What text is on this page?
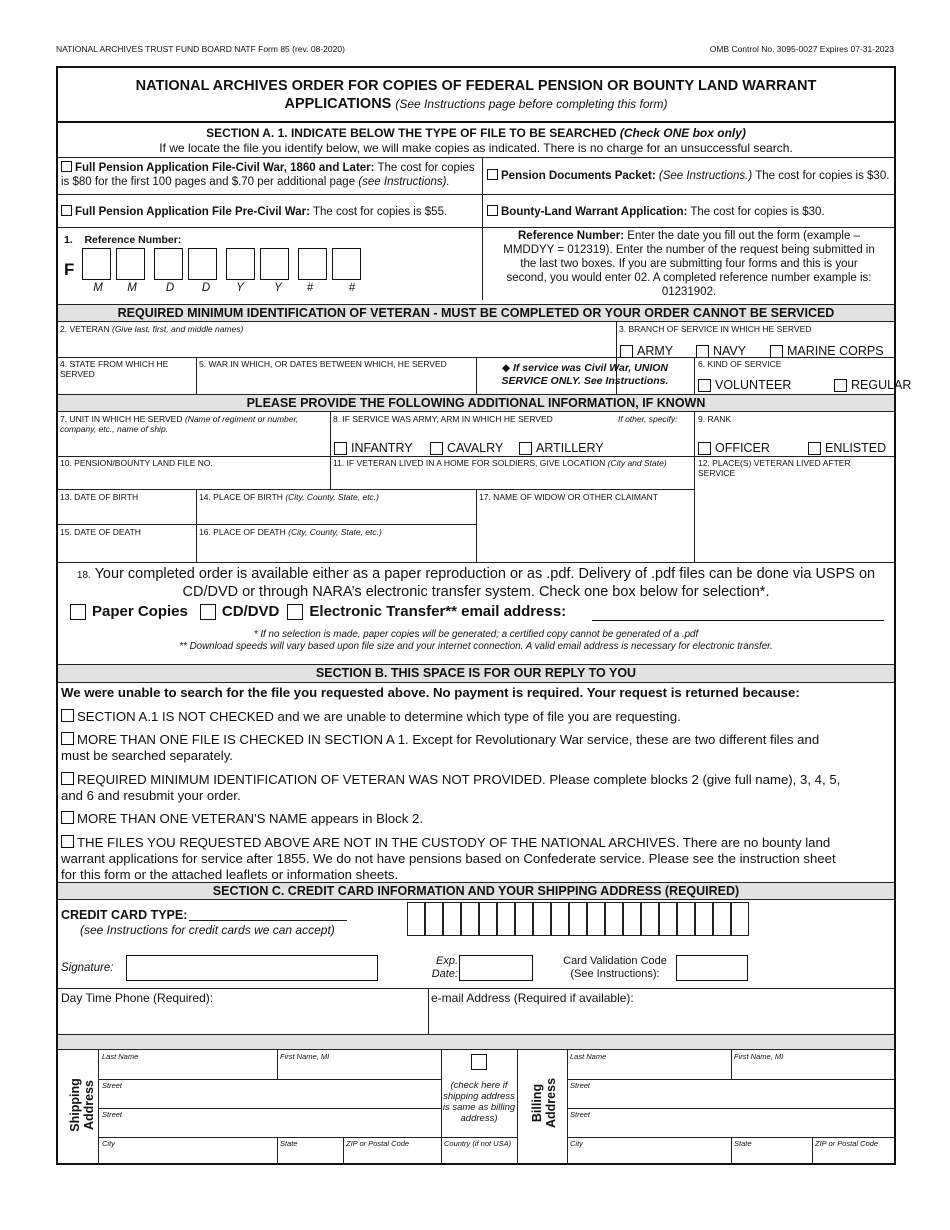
NATIONAL ARCHIVES TRUST FUND BOARD NATF Form 85 (rev. 08-2020)	OMB Control No. 3095-0027 Expires 07-31-2023
NATIONAL ARCHIVES ORDER FOR COPIES OF FEDERAL PENSION OR BOUNTY LAND WARRANT
APPLICATIONS (See Instructions page before completing this form)
SECTION A. 1. INDICATE BELOW THE TYPE OF FILE TO BE SEARCHED (Check ONE box only)
If we locate the file you identify below, we will make copies as indicated. There is no charge for an unsuccessful search.
Full Pension Application File-Civil War, 1860 and Later: The cost for copies
is $80 for the first 100 pages and $.70 per additional page (see Instructions).	Pension Documents Packet: (See Instructions.) The cost for copies is $30.
Full Pension Application File Pre-Civil War: The cost for copies is $55.	Bounty-Land Warrant Application: The cost for copies is $30.
1. Reference Number:
F
M	M	D	D	Y	Y	#	#
Reference Number: Enter the date you fill out the form (example –
MMDDYY = 012319). Enter the number of the request being submitted in
the last two boxes. If you are submitting four forms and this is your
second, you would enter 02. A completed reference number example is:
01231902.
REQUIRED MINIMUM IDENTIFICATION OF VETERAN - MUST BE COMPLETED OR YOUR ORDER CANNOT BE SERVICED
2. VETERAN (Give last, first, and middle names)	3. BRANCH OF SERVICE IN WHICH HE SERVED
ARMY	NAVY	MARINE CORPS
4. STATE FROM WHICH HE SERVED
5. WAR IN WHICH, OR DATES BETWEEN WHICH, HE SERVED	◆ If service was Civil War, UNION
SERVICE ONLY. See Instructions.
6. KIND OF SERVICE
VOLUNTEER	REGULAR
PLEASE PROVIDE THE FOLLOWING ADDITIONAL INFORMATION, IF KNOWN
7. UNIT IN WHICH HE SERVED (Name of regiment or number, company, etc., name of ship.
8. IF SERVICE WAS ARMY, ARM IN WHICH HE SERVED	If other, specify:
INFANTRY	CAVALRY	ARTILLERY
9. RANK
OFFICER	ENLISTED
10. PENSION/BOUNTY LAND FILE NO.	11. IF VETERAN LIVED IN A HOME FOR SOLDIERS, GIVE LOCATION (City and State)	12. PLACE(S) VETERAN LIVED AFTER SERVICE
13. DATE OF BIRTH	14. PLACE OF BIRTH (City, County, State, etc.)	17. NAME OF WIDOW OR OTHER CLAIMANT
15. DATE OF DEATH	16. PLACE OF DEATH (City, County, State, etc.)
18. Your completed order is available either as a paper reproduction or as .pdf. Delivery of .pdf files can be done via USPS on
CD/DVD or through NARA’s electronic transfer system. Check one box below for selection*.
Paper Copies CD/DVD Electronic Transfer** email address:
* If no selection is made, paper copies will be generated; a certified copy cannot be generated of a .pdf
** Download speeds will vary based upon file size and your internet connection. A valid email address is necessary for electronic transfer.
SECTION B. THIS SPACE IS FOR OUR REPLY TO YOU
We were unable to search for the file you requested above. No payment is required. Your request is returned because:
SECTION A.1 IS NOT CHECKED and we are unable to determine which type of file you are requesting.
MORE THAN ONE FILE IS CHECKED IN SECTION A 1. Except for Revolutionary War service, these are two different files and
must be searched separately.
REQUIRED MINIMUM IDENTIFICATION OF VETERAN WAS NOT PROVIDED. Please complete blocks 2 (give full name), 3, 4, 5,
and 6 and resubmit your order.
MORE THAN ONE VETERAN'S NAME appears in Block 2.
THE FILES YOU REQUESTED ABOVE ARE NOT IN THE CUSTODY OF THE NATIONAL ARCHIVES. There are no bounty land
warrant applications for service after 1855. We do not have pensions based on Confederate service. Please see the instruction sheet
for this form or the attached leaflets or information sheets.
SECTION C. CREDIT CARD INFORMATION AND YOUR SHIPPING ADDRESS (REQUIRED)
CREDIT CARD TYPE:
(see Instructions for credit cards we can accept)
Signature:
Exp.
Date:
Card Validation Code
(See Instructions):
Day Time Phone (Required):	e-mail Address (Required if available):
Shipping Address
Last Name	First Name, MI
Street
Street
City	State	ZIP or Postal Code	Country (if not USA)
(check here if shipping address is same as billing address)	Billing Address
Last Name	First Name, MI
Street
Street
City	State	ZIP or Postal Code
